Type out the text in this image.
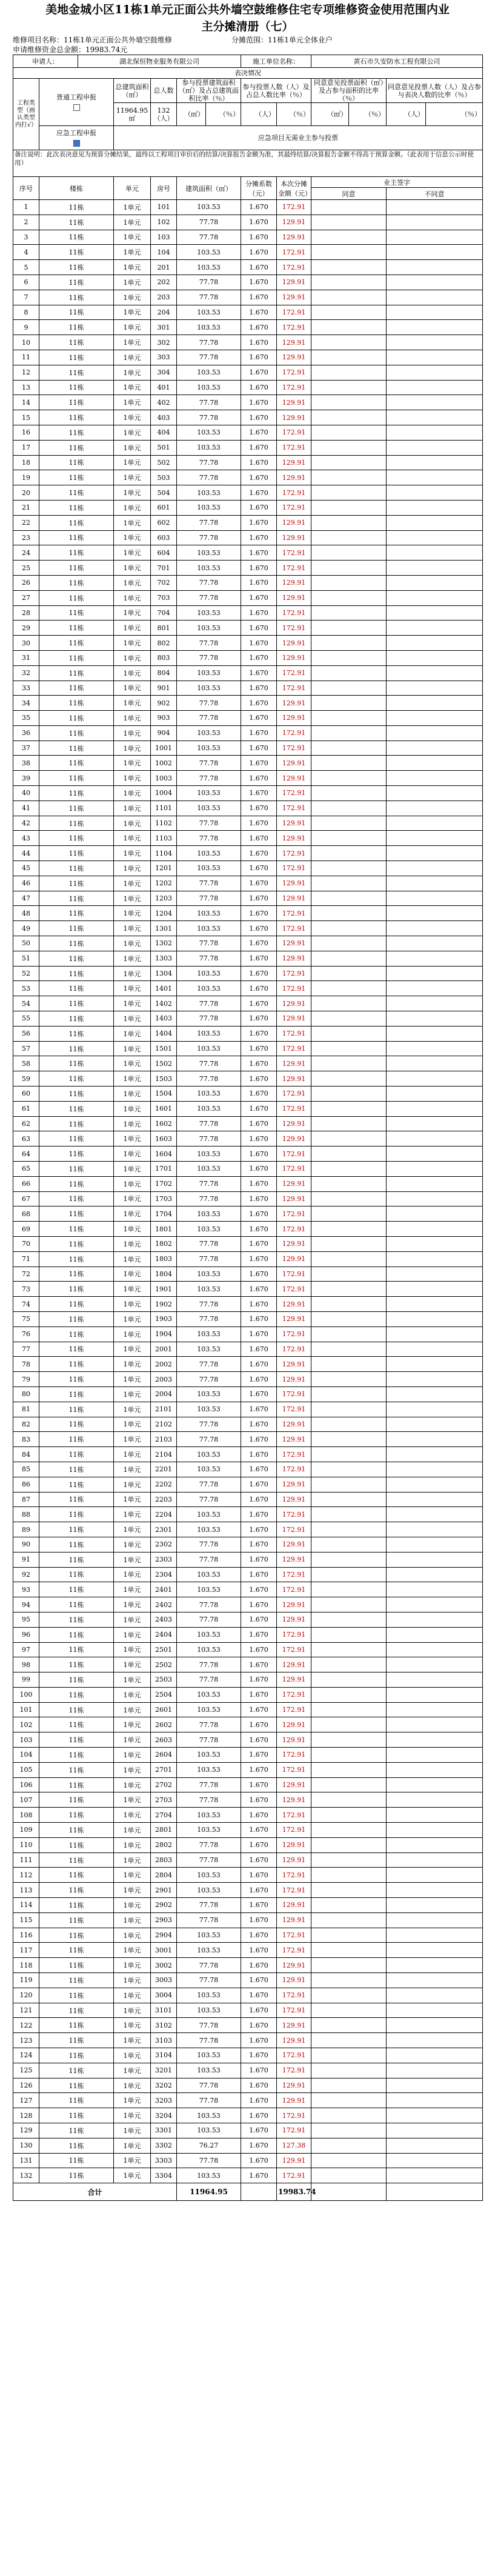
美地金城小区11栋1单元正面公共外墙空鼓维修住宅专项维修资金使用范围内业
主分摊清册（七）
维修项目名称：11栋1单元正面公共外墙空鼓维修	分摊范围：11栋1单元全体业户
申请维修资金总金额：19983.74元
申请人：		湖北保恒物业服务有限公司					施工单位名称：		黄石市久安防水工程有限公司			
表决情况												
工程类型（画认类型内打√）	普通工程申报		总建筑面积（㎡）	总人数	参与投票建筑面积（㎡）及占总建筑面积比率（％）		参与投票人数（人）及占总人数比率（％）		同意意见投票面积（㎡）及占参与面积的比率（％）		同意意见投票人数（人）及占参与表决人数的比率（％）	
			11964.95㎡	132（人）	（㎡）	（％）	（人）	（％）	（㎡）	（％）	（人）	（％）

	应急工程申报		应急项目无需业主参与投票									

备注说明：此次表决意见为预算分摊结果，最终以工程项目审价后的结算/决算报告金额为准，其最终结算/决算报告金额不得高于预算金额。（此表用于信息公示时使用）												
序号	楼栋	单元	房号	建筑面积（㎡）	分摊系数（元）	本次分摊金额（元）	业主签字	
							同意	不同意
1	11栋	1单元	101	103.53	1.670	172.91		
2	11栋	1单元	102	77.78	1.670	129.91		
3	11栋	1单元	103	77.78	1.670	129.91		
4	11栋	1单元	104	103.53	1.670	172.91		
5	11栋	1单元	201	103.53	1.670	172.91		
6	11栋	1单元	202	77.78	1.670	129.91		
7	11栋	1单元	203	77.78	1.670	129.91		
8	11栋	1单元	204	103.53	1.670	172.91		
9	11栋	1单元	301	103.53	1.670	172.91		
10	11栋	1单元	302	77.78	1.670	129.91		
11	11栋	1单元	303	77.78	1.670	129.91		
12	11栋	1单元	304	103.53	1.670	172.91		
13	11栋	1单元	401	103.53	1.670	172.91		
14	11栋	1单元	402	77.78	1.670	129.91		
15	11栋	1单元	403	77.78	1.670	129.91		
16	11栋	1单元	404	103.53	1.670	172.91		
17	11栋	1单元	501	103.53	1.670	172.91		
18	11栋	1单元	502	77.78	1.670	129.91		
19	11栋	1单元	503	77.78	1.670	129.91		
20	11栋	1单元	504	103.53	1.670	172.91		
21	11栋	1单元	601	103.53	1.670	172.91		
22	11栋	1单元	602	77.78	1.670	129.91		
23	11栋	1单元	603	77.78	1.670	129.91		
24	11栋	1单元	604	103.53	1.670	172.91		
25	11栋	1单元	701	103.53	1.670	172.91		
26	11栋	1单元	702	77.78	1.670	129.91		
27	11栋	1单元	703	77.78	1.670	129.91		
28	11栋	1单元	704	103.53	1.670	172.91		
29	11栋	1单元	801	103.53	1.670	172.91		
30	11栋	1单元	802	77.78	1.670	129.91		
31	11栋	1单元	803	77.78	1.670	129.91		
32	11栋	1单元	804	103.53	1.670	172.91		
33	11栋	1单元	901	103.53	1.670	172.91		
34	11栋	1单元	902	77.78	1.670	129.91		
35	11栋	1单元	903	77.78	1.670	129.91		
36	11栋	1单元	904	103.53	1.670	172.91		
37	11栋	1单元	1001	103.53	1.670	172.91		
38	11栋	1单元	1002	77.78	1.670	129.91		
39	11栋	1单元	1003	77.78	1.670	129.91		
40	11栋	1单元	1004	103.53	1.670	172.91		
41	11栋	1单元	1101	103.53	1.670	172.91		
42	11栋	1单元	1102	77.78	1.670	129.91		
43	11栋	1单元	1103	77.78	1.670	129.91		
44	11栋	1单元	1104	103.53	1.670	172.91		
45	11栋	1单元	1201	103.53	1.670	172.91		
46	11栋	1单元	1202	77.78	1.670	129.91		
47	11栋	1单元	1203	77.78	1.670	129.91		
48	11栋	1单元	1204	103.53	1.670	172.91		
49	11栋	1单元	1301	103.53	1.670	172.91		
50	11栋	1单元	1302	77.78	1.670	129.91		
51	11栋	1单元	1303	77.78	1.670	129.91		
52	11栋	1单元	1304	103.53	1.670	172.91		
53	11栋	1单元	1401	103.53	1.670	172.91		
54	11栋	1单元	1402	77.78	1.670	129.91		
55	11栋	1单元	1403	77.78	1.670	129.91		
56	11栋	1单元	1404	103.53	1.670	172.91		
57	11栋	1单元	1501	103.53	1.670	172.91		
58	11栋	1单元	1502	77.78	1.670	129.91		
59	11栋	1单元	1503	77.78	1.670	129.91		
60	11栋	1单元	1504	103.53	1.670	172.91		
61	11栋	1单元	1601	103.53	1.670	172.91		
62	11栋	1单元	1602	77.78	1.670	129.91		
63	11栋	1单元	1603	77.78	1.670	129.91		
64	11栋	1单元	1604	103.53	1.670	172.91		
65	11栋	1单元	1701	103.53	1.670	172.91		
66	11栋	1单元	1702	77.78	1.670	129.91		
67	11栋	1单元	1703	77.78	1.670	129.91		
68	11栋	1单元	1704	103.53	1.670	172.91		
69	11栋	1单元	1801	103.53	1.670	172.91		
70	11栋	1单元	1802	77.78	1.670	129.91		
71	11栋	1单元	1803	77.78	1.670	129.91		
72	11栋	1单元	1804	103.53	1.670	172.91		
73	11栋	1单元	1901	103.53	1.670	172.91		
74	11栋	1单元	1902	77.78	1.670	129.91		
75	11栋	1单元	1903	77.78	1.670	129.91		
76	11栋	1单元	1904	103.53	1.670	172.91		
77	11栋	1单元	2001	103.53	1.670	172.91		
78	11栋	1单元	2002	77.78	1.670	129.91		
79	11栋	1单元	2003	77.78	1.670	129.91		
80	11栋	1单元	2004	103.53	1.670	172.91		
81	11栋	1单元	2101	103.53	1.670	172.91		
82	11栋	1单元	2102	77.78	1.670	129.91		
83	11栋	1单元	2103	77.78	1.670	129.91		
84	11栋	1单元	2104	103.53	1.670	172.91		
85	11栋	1单元	2201	103.53	1.670	172.91		
86	11栋	1单元	2202	77.78	1.670	129.91		
87	11栋	1单元	2203	77.78	1.670	129.91		
88	11栋	1单元	2204	103.53	1.670	172.91		
89	11栋	1单元	2301	103.53	1.670	172.91		
90	11栋	1单元	2302	77.78	1.670	129.91		
91	11栋	1单元	2303	77.78	1.670	129.91		
92	11栋	1单元	2304	103.53	1.670	172.91		
93	11栋	1单元	2401	103.53	1.670	172.91		
94	11栋	1单元	2402	77.78	1.670	129.91		
95	11栋	1单元	2403	77.78	1.670	129.91		
96	11栋	1单元	2404	103.53	1.670	172.91		
97	11栋	1单元	2501	103.53	1.670	172.91		
98	11栋	1单元	2502	77.78	1.670	129.91		
99	11栋	1单元	2503	77.78	1.670	129.91		
100	11栋	1单元	2504	103.53	1.670	172.91		
101	11栋	1单元	2601	103.53	1.670	172.91		
102	11栋	1单元	2602	77.78	1.670	129.91		
103	11栋	1单元	2603	77.78	1.670	129.91		
104	11栋	1单元	2604	103.53	1.670	172.91		
105	11栋	1单元	2701	103.53	1.670	172.91		
106	11栋	1单元	2702	77.78	1.670	129.91		
107	11栋	1单元	2703	77.78	1.670	129.91		
108	11栋	1单元	2704	103.53	1.670	172.91		
109	11栋	1单元	2801	103.53	1.670	172.91		
110	11栋	1单元	2802	77.78	1.670	129.91		
111	11栋	1单元	2803	77.78	1.670	129.91		
112	11栋	1单元	2804	103.53	1.670	172.91		
113	11栋	1单元	2901	103.53	1.670	172.91		
114	11栋	1单元	2902	77.78	1.670	129.91		
115	11栋	1单元	2903	77.78	1.670	129.91		
116	11栋	1单元	2904	103.53	1.670	172.91		
117	11栋	1单元	3001	103.53	1.670	172.91		
118	11栋	1单元	3002	77.78	1.670	129.91		
119	11栋	1单元	3003	77.78	1.670	129.91		
120	11栋	1单元	3004	103.53	1.670	172.91		
121	11栋	1单元	3101	103.53	1.670	172.91		
122	11栋	1单元	3102	77.78	1.670	129.91		
123	11栋	1单元	3103	77.78	1.670	129.91		
124	11栋	1单元	3104	103.53	1.670	172.91		
125	11栋	1单元	3201	103.53	1.670	172.91		
126	11栋	1单元	3202	77.78	1.670	129.91		
127	11栋	1单元	3203	77.78	1.670	129.91		
128	11栋	1单元	3204	103.53	1.670	172.91		
129	11栋	1单元	3301	103.53	1.670	172.91		
130	11栋	1单元	3302	76.27	1.670	127.38		
131	11栋	1单元	3303	77.78	1.670	129.91		
132	11栋	1单元	3304	103.53	1.670	172.91		
合计				11964.95		19983.74		
